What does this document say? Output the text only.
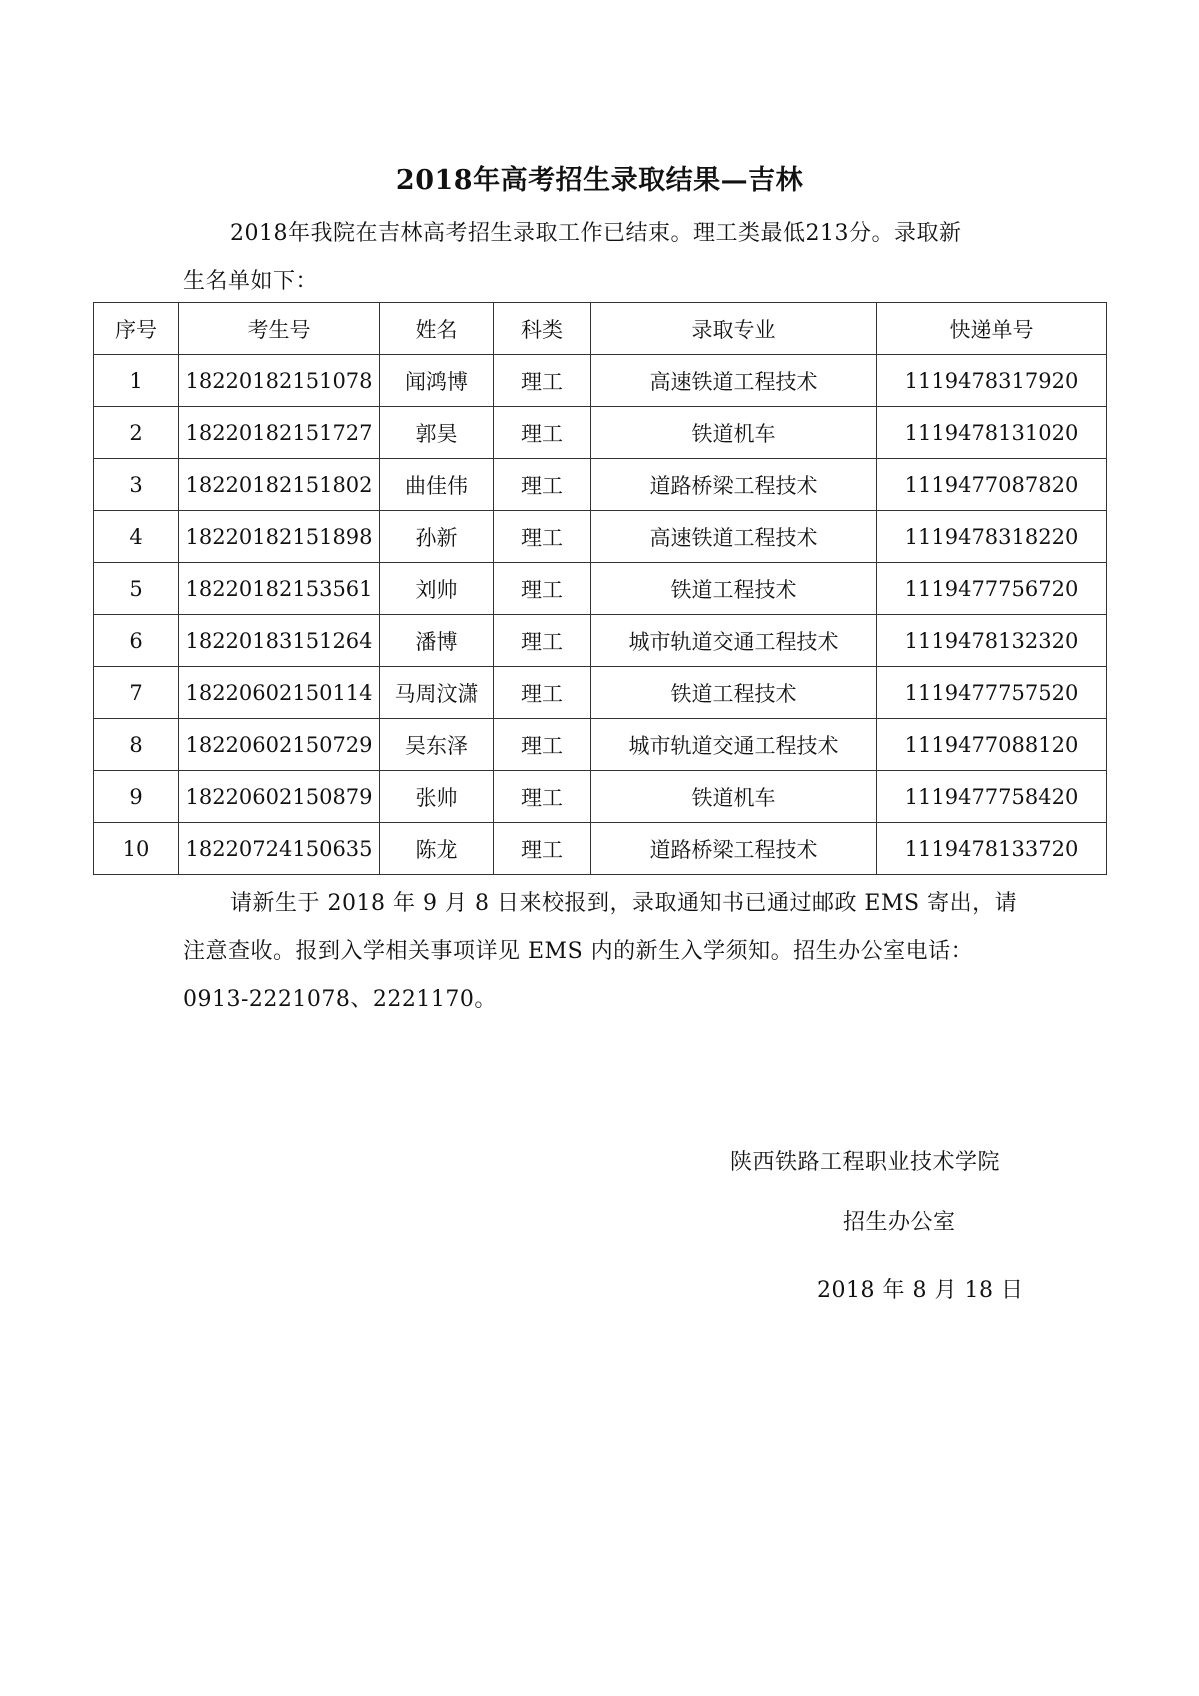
2018年高考招生录取结果—吉林
2018年我院在吉林高考招生录取工作已结束。理工类最低213分。录取新
生名单如下：
序号	考生号	姓名	科类	录取专业	快递单号
1	18220182151078	闻鸿博	理工	高速铁道工程技术	1119478317920
2	18220182151727	郭昊	理工	铁道机车	1119478131020
3	18220182151802	曲佳伟	理工	道路桥梁工程技术	1119477087820
4	18220182151898	孙新	理工	高速铁道工程技术	1119478318220
5	18220182153561	刘帅	理工	铁道工程技术	1119477756720
6	18220183151264	潘博	理工	城市轨道交通工程技术	1119478132320
7	18220602150114	马周汶潇	理工	铁道工程技术	1119477757520
8	18220602150729	吴东泽	理工	城市轨道交通工程技术	1119477088120
9	18220602150879	张帅	理工	铁道机车	1119477758420
10	18220724150635	陈龙	理工	道路桥梁工程技术	1119478133720
请新生于 2018 年 9 月 8 日来校报到，录取通知书已通过邮政 EMS 寄出，请
注意查收。报到入学相关事项详见 EMS 内的新生入学须知。招生办公室电话：
0913-2221078、2221170。
陕西铁路工程职业技术学院
招生办公室
2018 年 8 月 18 日
